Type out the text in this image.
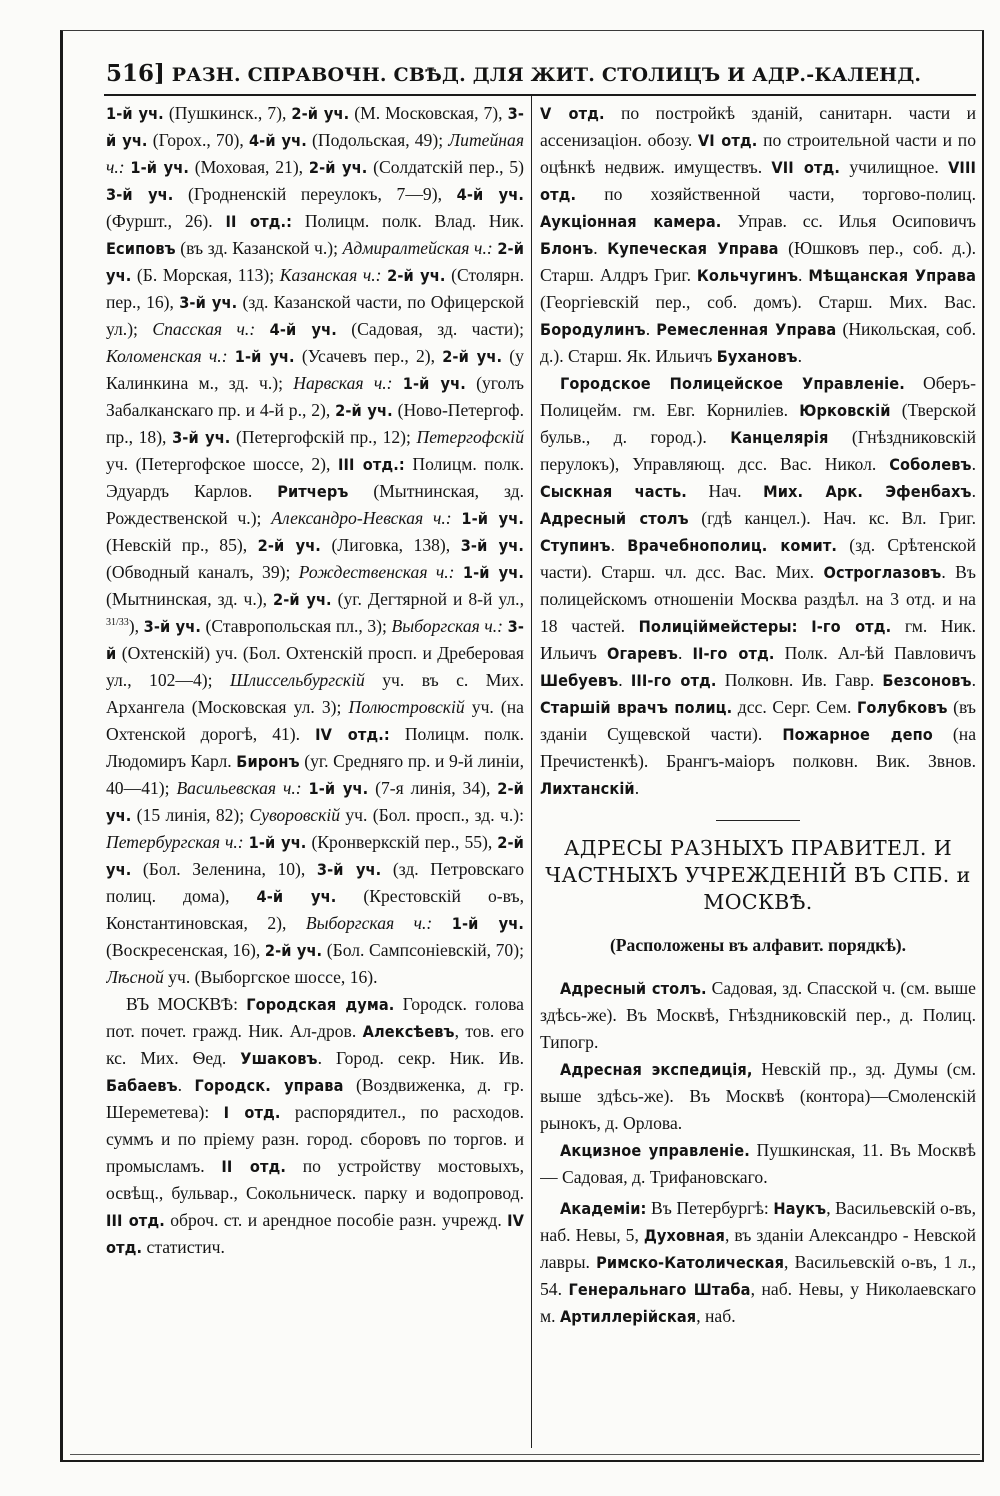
516] РАЗН. СПРАВОЧН. СВѢД. ДЛЯ ЖИТ. СТОЛИЦЪ И АДР.-КАЛЕНД.

1-й уч. (Пушкинск., 7), 2-й уч. (М. Московская, 7), 3-й уч. (Горох., 70), 4-й уч. (Подольская, 49); Литейная ч.: 1-й уч. (Моховая, 21), 2-й уч. (Солдатскій пер., 5) 3-й уч. (Гродненскій переулокъ, 7—9), 4-й уч. (Фуршт., 26). II отд.: Полицм. полк. Влад. Ник. Есиповъ (въ зд. Казанской ч.); Адмиралтейская ч.: 2-й уч. (Б. Морская, 113); Казанская ч.: 2-й уч. (Столярн. пер., 16), 3-й уч. (зд. Казанской части, по Офицерской ул.); Спасская ч.: 4-й уч. (Садовая, зд. части); Коломенская ч.: 1-й уч. (Усачевъ пер., 2), 2-й уч. (у Калинкина м., зд. ч.); Нарвская ч.: 1-й уч. (уголъ Забалканскаго пр. и 4-й р., 2), 2-й уч. (Ново-Петергоф. пр., 18), 3-й уч. (Петергофскій пр., 12); Петергофскій уч. (Петергофское шоссе, 2), III отд.: Полицм. полк. Эдуардъ Карлов. Ритчеръ (Мытнинская, зд. Рождественской ч.); Александро-Невская ч.: 1-й уч. (Невскій пр., 85), 2-й уч. (Лиговка, 138), 3-й уч. (Обводный каналъ, 39); Рождественская ч.: 1-й уч. (Мытнинская, зд. ч.), 2-й уч. (уг. Дегтярной и 8-й ул., $^{31/33}$), 3-й уч. (Ставропольская пл., 3); Выборгская ч.: 3-й (Охтенскій) уч. (Бол. Охтенскій просп. и Дреберовая ул., 102—4); Шлиссельбургскій уч. въ с. Мих. Архангела (Московская ул. 3); Полюстровскій уч. (на Охтенской дорогѣ, 41). IV отд.: Полицм. полк. Людомиръ Карл. Биронъ (уг. Средняго пр. и 9-й линіи, 40—41); Васильевская ч.: 1-й уч. (7-я линія, 34), 2-й уч. (15 линія, 82); Суворовскій уч. (Бол. просп., зд. ч.): Петербургская ч.: 1-й уч. (Кронверкскій пер., 55), 2-й уч. (Бол. Зеленина, 10), 3-й уч. (зд. Петровскаго полиц. дома), 4-й уч. (Крестовскій о-въ, Константиновская, 2), Выборгская ч.: 1-й уч. (Воскресенская, 16), 2-й уч. (Бол. Сампсоніевскій, 70); Лѣсной уч. (Выборгское шоссе, 16).

ВЪ МОСКВѢ: Городская дума. Городск. голова пот. почет. гражд. Ник. Ал-дров. Алексѣевъ, тов. его кс. Мих. Ѳед. Ушаковъ. Город. секр. Ник. Ив. Бабаевъ. Городск. управа (Воздвиженка, д. гр. Шереметева): I отд. распорядител., по расходов. суммъ и по пріему разн. город. сборовъ по торгов. и промысламъ. II отд. по устройству мостовыхъ, освѣщ., бульвар., Сокольническ. парку и водопровод. III отд. оброч. ст. и арендное пособіе разн. учрежд. IV отд. статистич.

V отд. по постройкѣ зданій, санитарн. части и ассенизаціон. обозу. VI отд. по строительной части и по оцѣнкѣ недвиж. имуществъ. VII отд. училищное. VIII отд. по хозяйственной части, торгово-полиц. Аукціонная камера. Управ. сс. Илья Осиповичъ Блонъ. Купеческая Управа (Юшковъ пер., соб. д.). Старш. Алдръ Григ. Кольчугинъ. Мѣщанская Управа (Георгіевскій пер., соб. домъ). Старш. Мих. Вас. Бородулинъ. Ремесленная Управа (Никольская, соб. д.). Старш. Як. Ильичъ Бухановъ.

Городское Полицейское Управленіе. Оберъ-Полицейм. гм. Евг. Корниліев. Юрковскій (Тверской бульв., д. город.). Канцелярія (Гнѣздниковскій перулокъ), Управляющ. дсс. Вас. Никол. Соболевъ. Сыскная часть. Нач. Мих. Арк. Эфенбахъ. Адресный столъ (гдѣ канцел.). Нач. кс. Вл. Григ. Ступинъ. Врачебнополиц. комит. (зд. Срѣтенской части). Старш. чл. дсс. Вас. Мих. Остроглазовъ. Въ полицейскомъ отношеніи Москва раздѣл. на 3 отд. и на 18 частей. Полиціймейстеры: I-го отд. гм. Ник. Ильичъ Огаревъ. II-го отд. Полк. Ал-ѣй Павловичъ Шебуевъ. III-го отд. Полковн. Ив. Гавр. Безсоновъ. Старшій врачъ полиц. дсс. Серг. Сем. Голубковъ (въ зданіи Сущевской части). Пожарное депо (на Пречистенкѣ). Брангъ-маіоръ полковн. Вик. Звнов. Лихтанскій.

АДРЕСЫ РАЗНЫХЪ ПРАВИТЕЛ. И ЧАСТНЫХЪ УЧРЕЖДЕНІЙ ВЪ СПБ. и МОСКВѢ.

(Расположены въ алфавит. порядкѣ).

Адресный столъ. Садовая, зд. Спасской ч. (см. выше здѣсь-же). Въ Москвѣ, Гнѣздниковскій пер., д. Полиц. Типогр.

Адресная экспедиція, Невскій пр., зд. Думы (см. выше здѣсь-же). Въ Москвѣ (контора)—Смоленскій рынокъ, д. Орлова.

Акцизное управленіе. Пушкинская, 11. Въ Москвѣ — Садовая, д. Трифановскаго.

Академіи: Въ Петербургѣ: Наукъ, Васильевскій о-въ, наб. Невы, 5, Духовная, въ зданіи Александро - Невской лавры. Римско-Католическая, Васильевскій о-въ, 1 л., 54. Генеральнаго Штаба, наб. Невы, у Николаевскаго м. Артиллерійская, наб.
